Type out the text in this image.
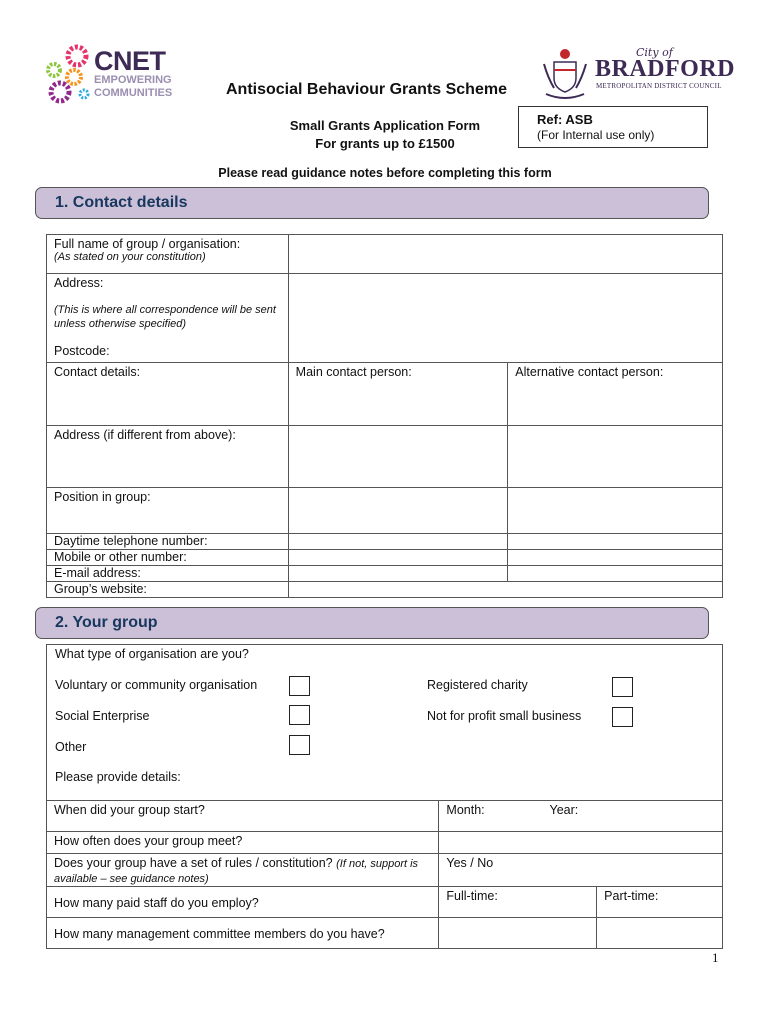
CNET
EMPOWERING
COMMUNITIES
City of
BRADFORD
METROPOLITAN DISTRICT COUNCIL
Antisocial Behaviour Grants Scheme
Small Grants Application Form
For grants up to £1500
Ref: ASB
(For Internal use only)
Please read guidance notes before completing this form
1. Contact details
Full name of group / organisation:
(As stated on your constitution)		

Address:
(This is where all correspondence will be sent unless otherwise specified)
Postcode:		

Contact details:	Main contact person:	Alternative contact person:
Address (if different from above):		
Position in group:		
Daytime telephone number:		
Mobile or other number:		
E-mail address:		
Group’s website:		
2. Your group
What type of organisation are you?
Voluntary or community organisation	Registered charity
Social Enterprise	Not for profit small business
Other
Please provide details:
When did your group start?	Month: Year:	

How often does your group meet?		
Does your group have a set of rules / constitution? (If not, support is available – see guidance notes)	Yes / No	
How many paid staff do you employ?	Full-time:	Part-time:
How many management committee members do you have?		
1
